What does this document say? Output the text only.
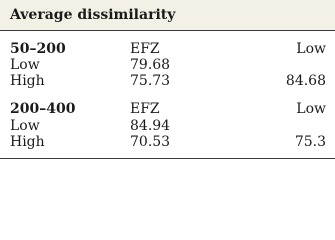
Average dissimilarity
50–200	EFZ	Low
Low	79.68
High	75.73	84.68
200–400	EFZ	Low
Low	84.94
High	70.53	75.3
